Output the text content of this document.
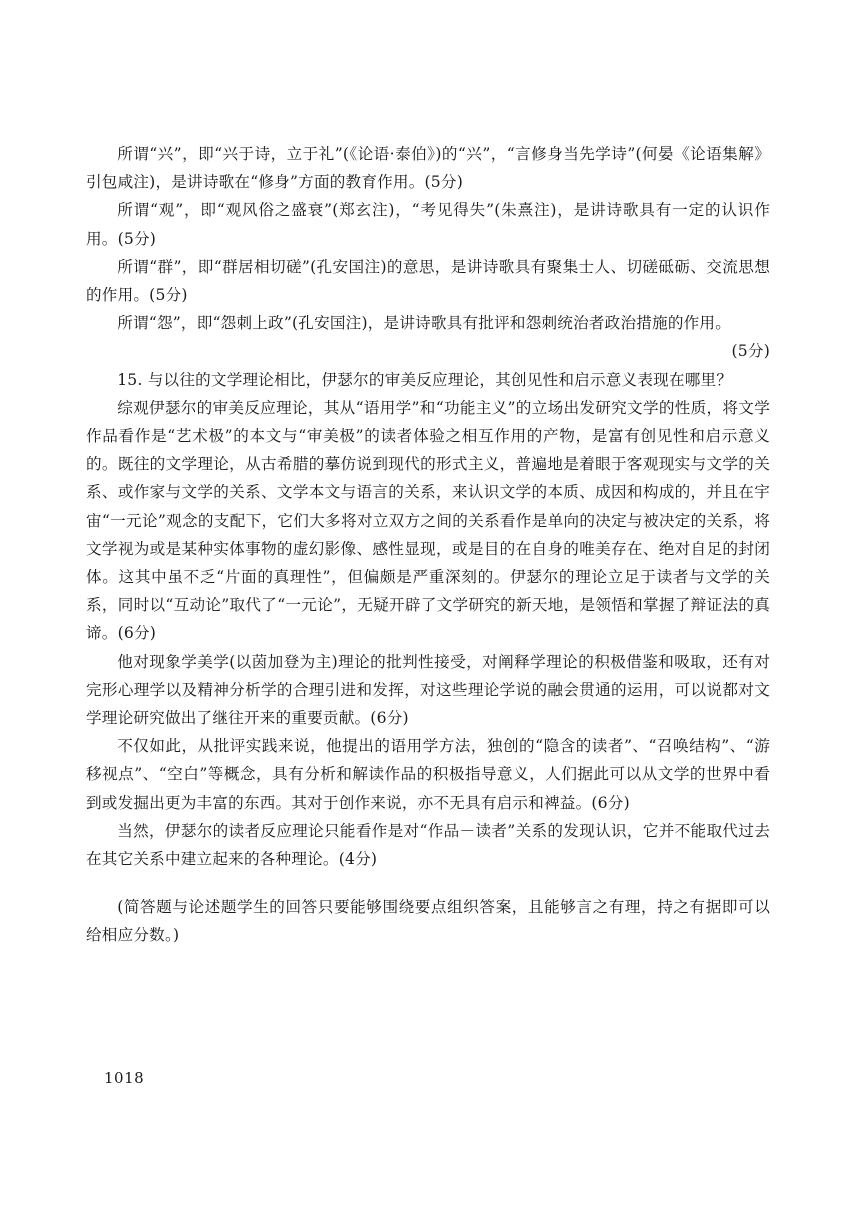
所谓“兴”，即“兴于诗，立于礼”(《论语·泰伯》)的“兴”，“言修身当先学诗”(何晏《论语集解》引包咸注)，是讲诗歌在“修身”方面的教育作用。(5分)

所谓“观”，即“观风俗之盛衰”(郑玄注)，“考见得失”(朱熹注)，是讲诗歌具有一定的认识作用。(5分)

所谓“群”，即“群居相切磋”(孔安国注)的意思，是讲诗歌具有聚集士人、切磋砥砺、交流思想的作用。(5分)

所谓“怨”，即“怨刺上政”(孔安国注)，是讲诗歌具有批评和怨刺统治者政治措施的作用。

(5分)

15. 与以往的文学理论相比，伊瑟尔的审美反应理论，其创见性和启示意义表现在哪里？

综观伊瑟尔的审美反应理论，其从“语用学”和“功能主义”的立场出发研究文学的性质，将文学作品看作是“艺术极”的本文与“审美极”的读者体验之相互作用的产物，是富有创见性和启示意义的。既往的文学理论，从古希腊的摹仿说到现代的形式主义，普遍地是着眼于客观现实与文学的关系、或作家与文学的关系、文学本文与语言的关系，来认识文学的本质、成因和构成的，并且在宇宙“一元论”观念的支配下，它们大多将对立双方之间的关系看作是单向的决定与被决定的关系，将文学视为或是某种实体事物的虚幻影像、感性显现，或是目的在自身的唯美存在、绝对自足的封闭体。这其中虽不乏“片面的真理性”，但偏颇是严重深刻的。伊瑟尔的理论立足于读者与文学的关系，同时以“互动论”取代了“一元论”，无疑开辟了文学研究的新天地，是领悟和掌握了辩证法的真谛。(6分)

他对现象学美学(以茵加登为主)理论的批判性接受，对阐释学理论的积极借鉴和吸取，还有对完形心理学以及精神分析学的合理引进和发挥，对这些理论学说的融会贯通的运用，可以说都对文学理论研究做出了继往开来的重要贡献。(6分)

不仅如此，从批评实践来说，他提出的语用学方法，独创的“隐含的读者”、“召唤结构”、“游移视点”、“空白”等概念，具有分析和解读作品的积极指导意义，人们据此可以从文学的世界中看到或发掘出更为丰富的东西。其对于创作来说，亦不无具有启示和裨益。(6分)

当然，伊瑟尔的读者反应理论只能看作是对“作品－读者”关系的发现认识，它并不能取代过去在其它关系中建立起来的各种理论。(4分)

(简答题与论述题学生的回答只要能够围绕要点组织答案，且能够言之有理，持之有据即可以给相应分数。)

1018
